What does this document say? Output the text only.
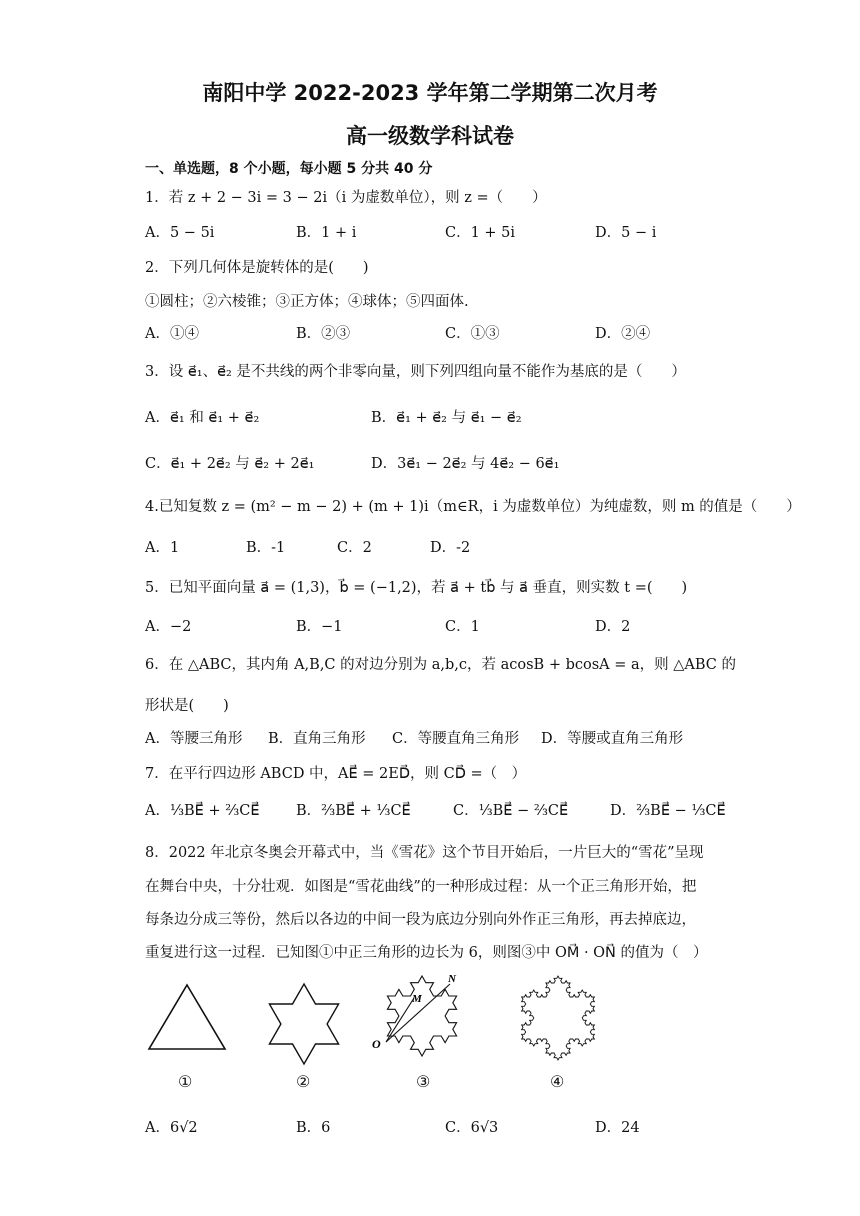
南阳中学 2022-2023 学年第二学期第二次月考
高一级数学科试卷
一、单选题，8 个小题，每小题 5 分共 40 分
1．若 z + 2 − 3i = 3 − 2i（i 为虚数单位），则 z =（　　）
A．5 − 5i	B．1 + i	C．1 + 5i	D．5 − i
2．下列几何体是旋转体的是(　　)
①圆柱；②六棱锥；③正方体；④球体；⑤四面体.
A．①④	B．②③	C．①③	D．②④
3．设 e⃗₁、e⃗₂ 是不共线的两个非零向量，则下列四组向量不能作为基底的是（　　）
A．e⃗₁ 和 e⃗₁ + e⃗₂	B．e⃗₁ + e⃗₂ 与 e⃗₁ − e⃗₂
C．e⃗₁ + 2e⃗₂ 与 e⃗₂ + 2e⃗₁	D．3e⃗₁ − 2e⃗₂ 与 4e⃗₂ − 6e⃗₁
4.已知复数 z = (m² − m − 2) + (m + 1)i（m∈R，i 为虚数单位）为纯虚数，则 m 的值是（　　）
A．1	B．-1	C．2	D．-2
5．已知平面向量 a⃗ = (1,3)，b⃗ = (−1,2)，若 a⃗ + tb⃗ 与 a⃗ 垂直，则实数 t =(　　)
A．−2	B．−1	C．1	D．2
6．在 △ABC，其内角 A,B,C 的对边分别为 a,b,c，若 acosB + bcosA = a，则 △ABC 的
形状是(　　)
A．等腰三角形 B．直角三角形 C．等腰直角三角形 D．等腰或直角三角形
7．在平行四边形 ABCD 中，AE⃗ = 2ED⃗，则 CD⃗ =（　）
A．⅓BE⃗ + ⅔CE⃗	B．⅔BE⃗ + ⅓CE⃗	C．⅓BE⃗ − ⅔CE⃗	D．⅔BE⃗ − ⅓CE⃗
8．2022 年北京冬奥会开幕式中，当《雪花》这个节目开始后，一片巨大的“雪花”呈现
在舞台中央，十分壮观．如图是“雪花曲线”的一种形成过程：从一个正三角形开始，把
每条边分成三等份，然后以各边的中间一段为底边分别向外作正三角形，再去掉底边，
重复进行这一过程．已知图①中正三角形的边长为 6，则图③中 OM⃗ · ON⃗ 的值为（　）
O
M
N
①	②	③	④
A．6√2	B．6	C．6√3	D．24
